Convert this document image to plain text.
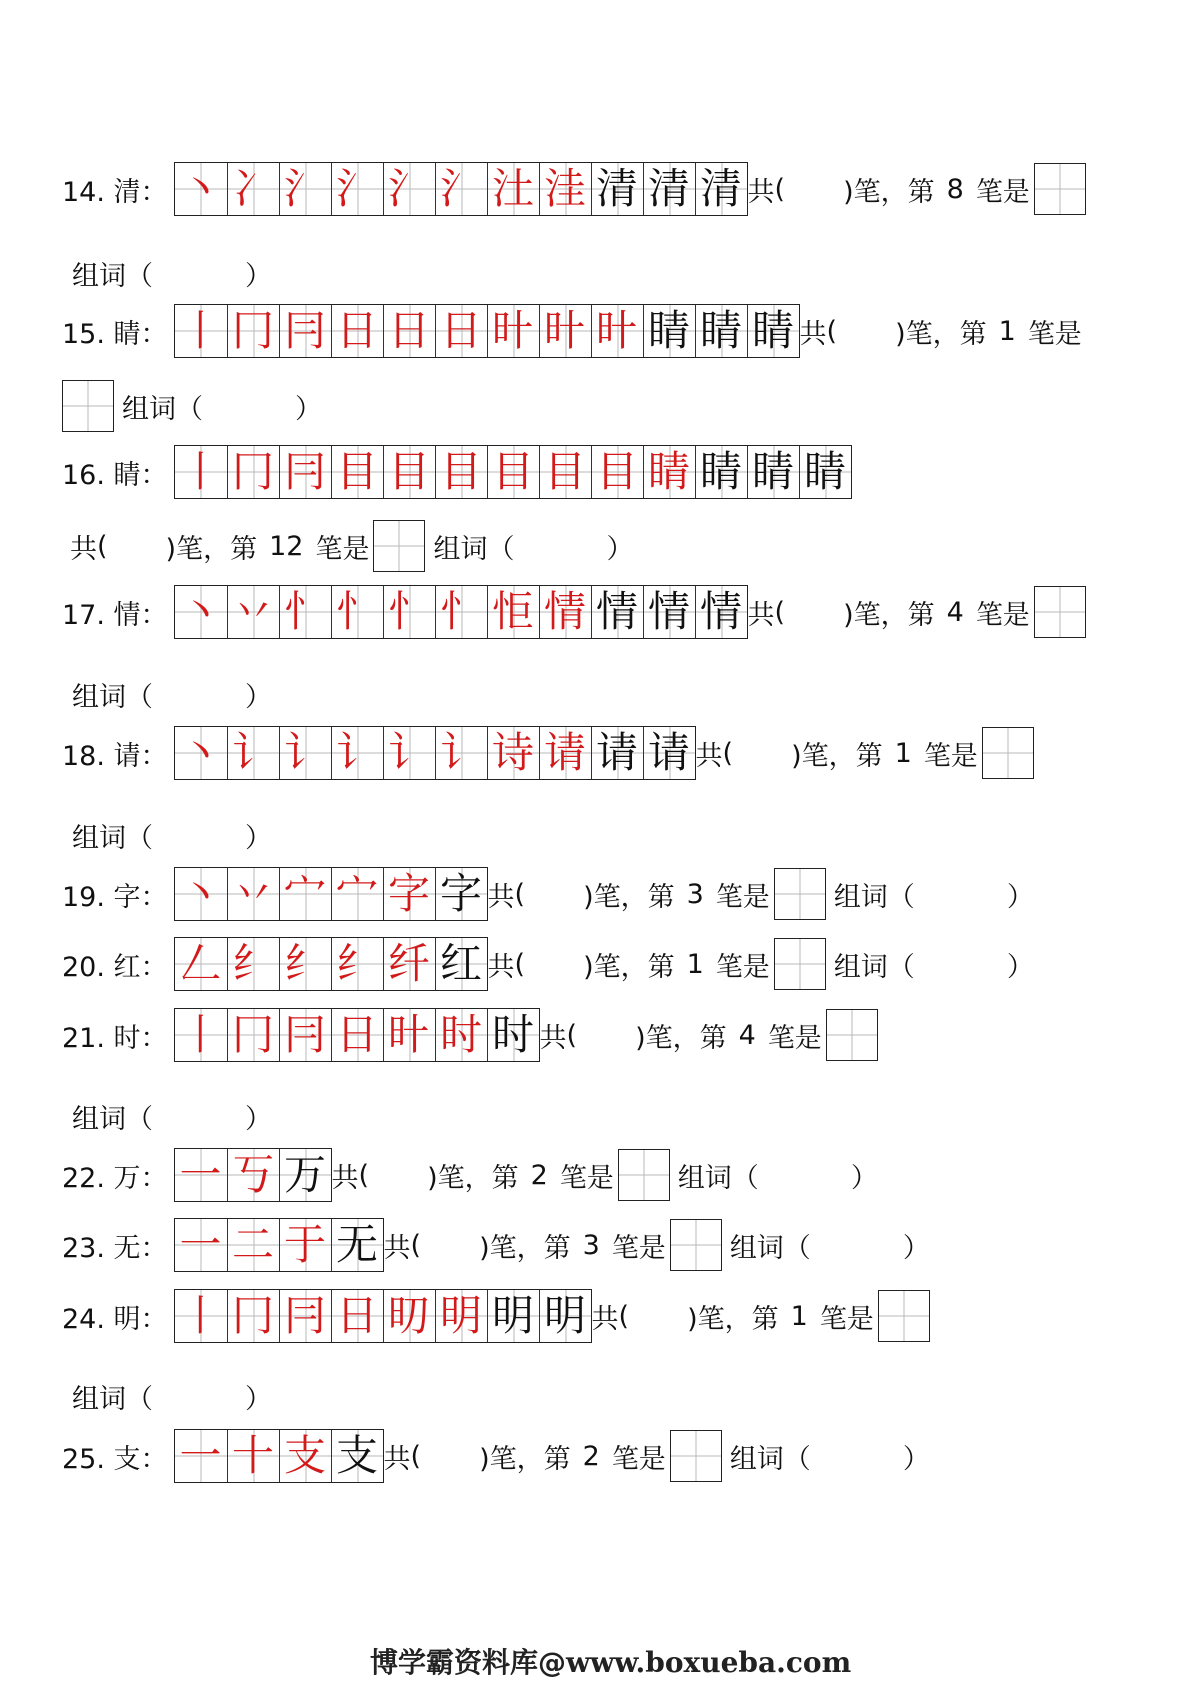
14. 清： 丶 冫 氵 氵 氵 氵 汢 洼 清 清 清 共 ( )笔，第 8 笔是
组词（	）
15. 睛： 丨 冂 冃 日 日 日 旪 旪 旪 睛 睛 睛 共 ( )笔，第 1 笔是
组词（	）
16. 睛： 丨 冂 冃 目 目 目 目 目 目 睛 睛 睛 睛
共 ( )笔，第 12 笔是 组词（	）
17. 情： 丶 丷 忄 忄 忄 忄 怇 情 情 情 情 共 ( )笔，第 4 笔是
组词（	）
18. 请： 丶 讠 讠 讠 讠 讠 诗 请 请 请 共 ( )笔，第 1 笔是
组词（	）
19. 字： 丶 丷 宀 宀 字 字 共 ( )笔，第 3 笔是 组词（	）
20. 红： 𠃋 纟 纟 纟 纤 红 共 ( )笔，第 1 笔是 组词（	）
21. 时： 丨 冂 冃 日 旪 时 时 共 ( )笔，第 4 笔是
组词（	）
22. 万： 一 丂 万 共 ( )笔，第 2 笔是 组词（	）
23. 无： 一 二 于 无 共 ( )笔，第 3 笔是 组词（	）
24. 明： 丨 冂 冃 日 旫 明 明 明 共 ( )笔，第 1 笔是
组词（	）
25. 支： 一 十 支 支 共 ( )笔，第 2 笔是 组词（	）
博学霸资料库@www.boxueba.com
